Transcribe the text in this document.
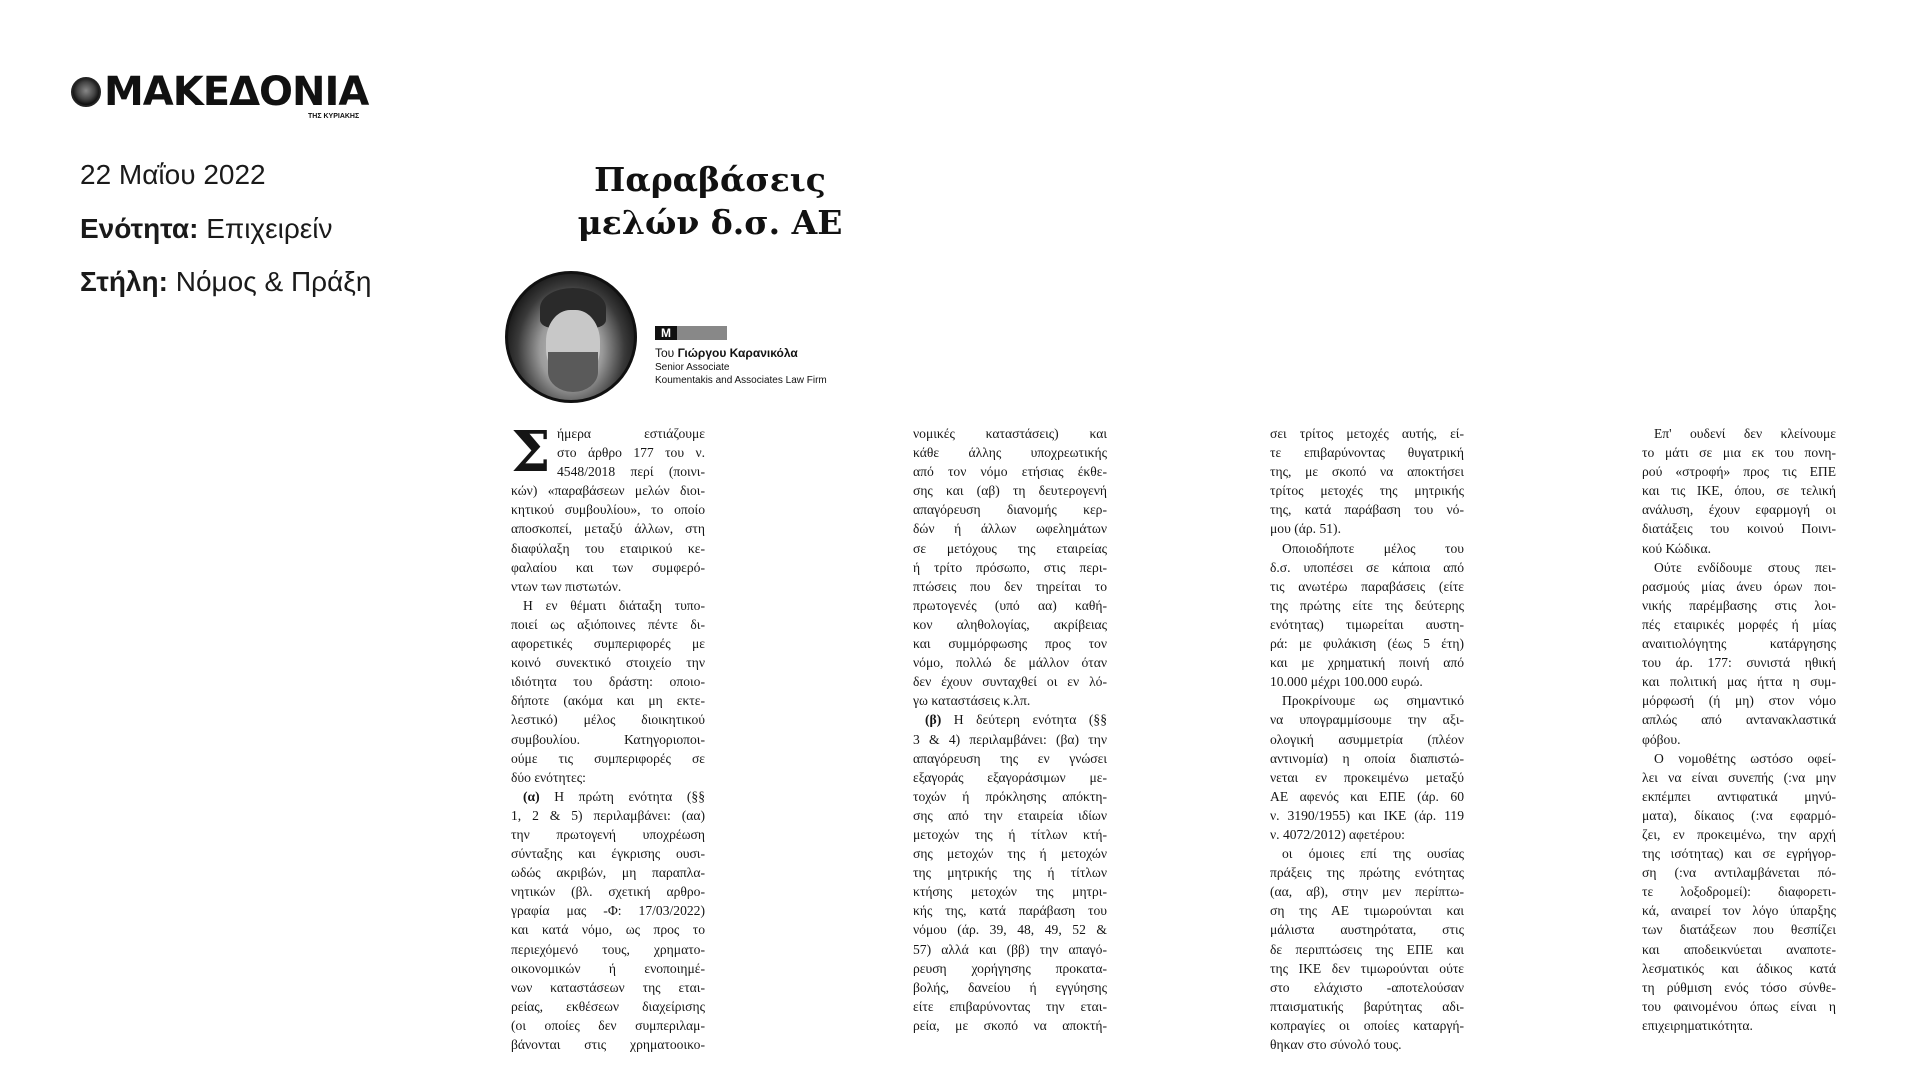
ΜΑΚΕΔΟΝΙΑ
ΤΗΣ ΚΥΡΙΑΚΗΣ
22 Μαΐου 2022
Ενότητα: Επιχειρείν
Στήλη: Νόμος & Πράξη
Παραβάσεις
μελών δ.σ. ΑΕ
M
Του Γιώργου Καρανικόλα
Senior Associate
Koumentakis and Associates Law Firm
Σ ήμερα εστιάζουμε
στο άρθρο 177 του ν.
4548/2018 περί (ποινι-
κών) «παραβάσεων μελών διοι-
κητικού συμβουλίου», το οποίο
αποσκοπεί, μεταξύ άλλων, στη
διαφύλαξη του εταιρικού κε-
φαλαίου και των συμφερό-
ντων των πιστωτών.
Η εν θέματι διάταξη τυπο-
ποιεί ως αξιόποινες πέντε δι-
αφορετικές συμπεριφορές με
κοινό συνεκτικό στοιχείο την
ιδιότητα του δράστη: οποιο-
δήποτε (ακόμα και μη εκτε-
λεστικό) μέλος διοικητικού
συμβουλίου. Κατηγοριοποι-
ούμε τις συμπεριφορές σε
δύο ενότητες:
(α) Η πρώτη ενότητα (§§
1, 2 & 5) περιλαμβάνει: (αα)
την πρωτογενή υποχρέωση
σύνταξης και έγκρισης ουσι-
ωδώς ακριβών, μη παραπλα-
νητικών (βλ. σχετική αρθρο-
γραφία μας -Φ: 17/03/2022)
και κατά νόμο, ως προς το
περιεχόμενό τους, χρηματο-
οικονομικών ή ενοποιημέ-
νων καταστάσεων της εται-
ρείας, εκθέσεων διαχείρισης
(οι οποίες δεν συμπεριλαμ-
βάνονται στις χρηματοοικο-
νομικές καταστάσεις) και
κάθε άλλης υποχρεωτικής
από τον νόμο ετήσιας έκθε-
σης και (αβ) τη δευτερογενή
απαγόρευση διανομής κερ-
δών ή άλλων ωφελημάτων
σε μετόχους της εταιρείας
ή τρίτο πρόσωπο, στις περι-
πτώσεις που δεν τηρείται το
πρωτογενές (υπό αα) καθή-
κον αληθολογίας, ακρίβειας
και συμμόρφωσης προς τον
νόμο, πολλώ δε μάλλον όταν
δεν έχουν συνταχθεί οι εν λό-
γω καταστάσεις κ.λπ.
(β) Η δεύτερη ενότητα (§§
3 & 4) περιλαμβάνει: (βα) την
απαγόρευση της εν γνώσει
εξαγοράς εξαγοράσιμων με-
τοχών ή πρόκλησης απόκτη-
σης από την εταιρεία ιδίων
μετοχών της ή τίτλων κτή-
σης μετοχών της ή μετοχών
της μητρικής της ή τίτλων
κτήσης μετοχών της μητρι-
κής της, κατά παράβαση του
νόμου (άρ. 39, 48, 49, 52 &
57) αλλά και (ββ) την απαγό-
ρευση χορήγησης προκατα-
βολής, δανείου ή εγγύησης
είτε επιβαρύνοντας την εται-
ρεία, με σκοπό να αποκτή-
σει τρίτος μετοχές αυτής, εί-
τε επιβαρύνοντας θυγατρική
της, με σκοπό να αποκτήσει
τρίτος μετοχές της μητρικής
της, κατά παράβαση του νό-
μου (άρ. 51).
Οποιοδήποτε μέλος του
δ.σ. υποπέσει σε κάποια από
τις ανωτέρω παραβάσεις (είτε
της πρώτης είτε της δεύτερης
ενότητας) τιμωρείται αυστη-
ρά: με φυλάκιση (έως 5 έτη)
και με χρηματική ποινή από
10.000 μέχρι 100.000 ευρώ.
Προκρίνουμε ως σημαντικό
να υπογραμμίσουμε την αξι-
ολογική ασυμμετρία (πλέον
αντινομία) η οποία διαπιστώ-
νεται εν προκειμένω μεταξύ
ΑΕ αφενός και ΕΠΕ (άρ. 60
ν. 3190/1955) και ΙΚΕ (άρ. 119
ν. 4072/2012) αφετέρου:
οι όμοιες επί της ουσίας
πράξεις της πρώτης ενότητας
(αα, αβ), στην μεν περίπτω-
ση της ΑΕ τιμωρούνται και
μάλιστα αυστηρότατα, στις
δε περιπτώσεις της ΕΠΕ και
της ΙΚΕ δεν τιμωρούνται ούτε
στο ελάχιστο -αποτελούσαν
πταισματικής βαρύτητας αδι-
κοπραγίες οι οποίες καταργή-
θηκαν στο σύνολό τους.
Επ' ουδενί δεν κλείνουμε
το μάτι σε μια εκ του πονη-
ρού «στροφή» προς τις ΕΠΕ
και τις ΙΚΕ, όπου, σε τελική
ανάλυση, έχουν εφαρμογή οι
διατάξεις του κοινού Ποινι-
κού Κώδικα.
Ούτε ενδίδουμε στους πει-
ρασμούς μίας άνευ όρων ποι-
νικής παρέμβασης στις λοι-
πές εταιρικές μορφές ή μίας
αναιτιολόγητης κατάργησης
του άρ. 177: συνιστά ηθική
και πολιτική μας ήττα η συμ-
μόρφωσή (ή μη) στον νόμο
απλώς από αντανακλαστικά
φόβου.
Ο νομοθέτης ωστόσο οφεί-
λει να είναι συνεπής (:να μην
εκπέμπει αντιφατικά μηνύ-
ματα), δίκαιος (:να εφαρμό-
ζει, εν προκειμένω, την αρχή
της ισότητας) και σε εγρήγορ-
ση (:να αντιλαμβάνεται πό-
τε λοξοδρομεί): διαφορετι-
κά, αναιρεί τον λόγο ύπαρξης
των διατάξεων που θεσπίζει
και αποδεικνύεται αναποτε-
λεσματικός και άδικος κατά
τη ρύθμιση ενός τόσο σύνθε-
του φαινομένου όπως είναι η
επιχειρηματικότητα.
